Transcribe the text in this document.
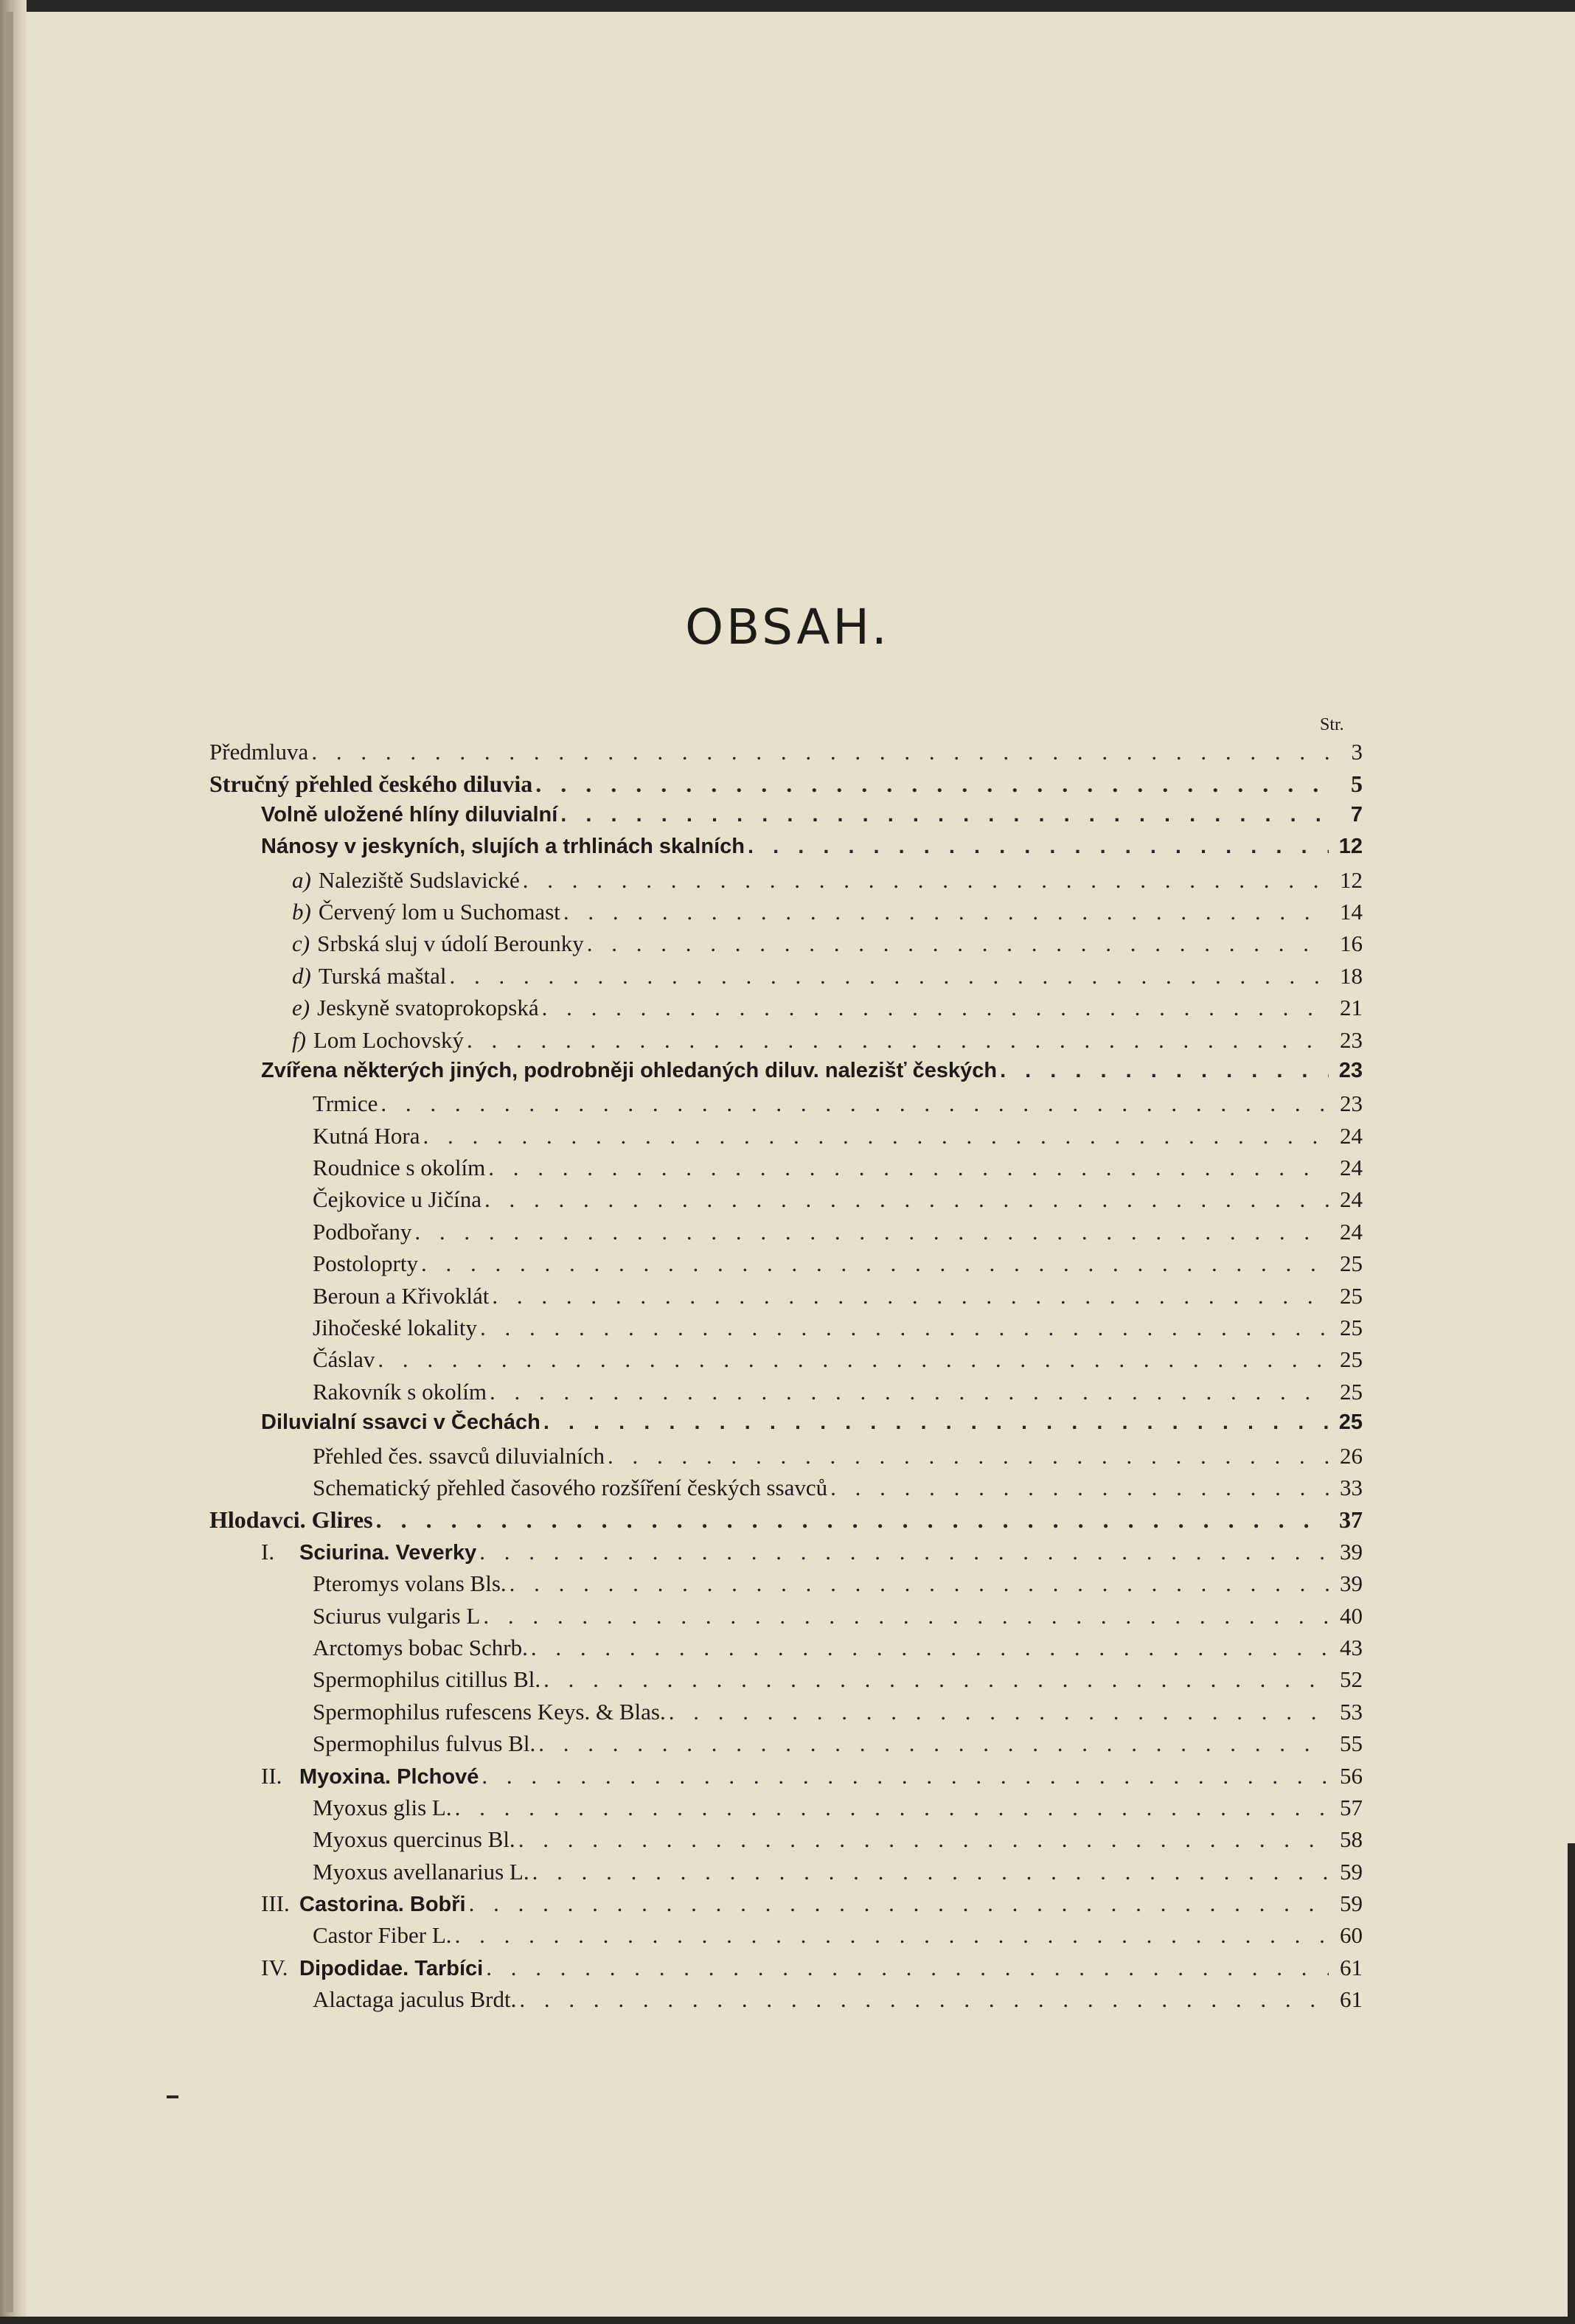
OBSAH.
Str.
Předmluva . . .	3
Stručný přehled českého diluvia . . .	5
Volně uložené hlíny diluvialní . . .	7
Nánosy v jeskyních, slujích a trhlinách skalních . . .	12
a) Naleziště Sudslavické . . .	12
b) Červený lom u Suchomast . . .	14
c) Srbská sluj v údolí Berounky . . .	16
d) Turská maštal . . .	18
e) Jeskyně svatoprokopská . . .	21
f) Lom Lochovský . . .	23
Zvířena některých jiných, podrobněji ohledaných diluv. nalezišť českých . . .	23
Trmice . . .	23
Kutná Hora . . .	24
Roudnice s okolím . . .	24
Čejkovice u Jičína . . .	24
Podbořany . . .	24
Postoloprty . . .	25
Beroun a Křivoklát . . .	25
Jihočeské lokality . . .	25
Čáslav . . .	25
Rakovník s okolím . . .	25
Diluvialní ssavci v Čechách . . .	25
Přehled čes. ssavců diluvialních . . .	26
Schematický přehled časového rozšíření českých ssavců . . .	33
Hlodavci. Glires . . .	37
I. Sciurina. Veverky . . .	39
Pteromys volans Bls. . . .	39
Sciurus vulgaris L . . .	40
Arctomys bobac Schrb. . . .	43
Spermophilus citillus Bl. . . .	52
Spermophilus rufescens Keys. & Blas. . . .	53
Spermophilus fulvus Bl. . . .	55
II. Myoxina. Plchové . . .	56
Myoxus glis L. . . .	57
Myoxus quercinus Bl. . . .	58
Myoxus avellanarius L. . . .	59
III. Castorina. Bobři . . .	59
Castor Fiber L. . . .	60
IV. Dipodidae. Tarbíci . . .	61
Alactaga jaculus Brdt. . . .	61
